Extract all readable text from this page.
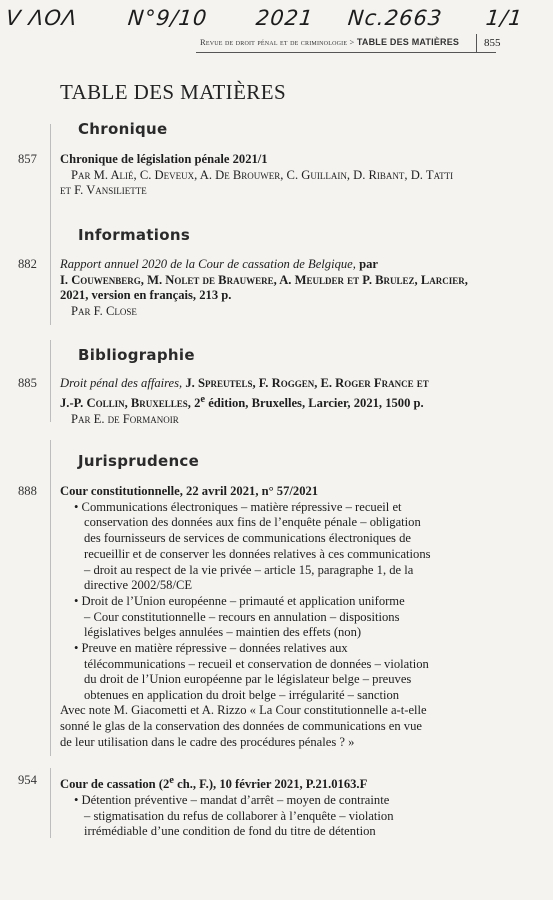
V ɅOɅ N°9/10 2021 Nc.2663 1/1
Revue de droit pénal et de criminologie > TABLE DES MATIÈRES 855
TABLE DES MATIÈRES
Chronique
857 Chronique de législation pénale 2021/1
Par M. Alié, C. Deveux, A. De Brouwer, C. Guillain, D. Ribant, D. Tatti
et F. Vansiliette
Informations
882 Rapport annuel 2020 de la Cour de cassation de Belgique, par
I. Couwenberg, M. Nolet de Brauwere, A. Meulder et P. Brulez, Larcier,
2021, version en français, 213 p.
Par F. Close
Bibliographie
885 Droit pénal des affaires, J. Spreutels, F. Roggen, E. Roger France et
J.-P. Collin, Bruxelles, 2e édition, Bruxelles, Larcier, 2021, 1500 p.
Par E. de Formanoir
Jurisprudence
888 Cour constitutionnelle, 22 avril 2021, n° 57/2021
• Communications électroniques – matière répressive – recueil et
conservation des données aux fins de l’enquête pénale – obligation
des fournisseurs de services de communications électroniques de
recueillir et de conserver les données relatives à ces communications
– droit au respect de la vie privée – article 15, paragraphe 1, de la
directive 2002/58/CE
• Droit de l’Union européenne – primauté et application uniforme
– Cour constitutionnelle – recours en annulation – dispositions
législatives belges annulées – maintien des effets (non)
• Preuve en matière répressive – données relatives aux
télécommunications – recueil et conservation de données – violation
du droit de l’Union européenne par le législateur belge – preuves
obtenues en application du droit belge – irrégularité – sanction
Avec note M. Giacometti et A. Rizzo « La Cour constitutionnelle a-t-elle
sonné le glas de la conservation des données de communications en vue
de leur utilisation dans le cadre des procédures pénales ? »
954 Cour de cassation (2e ch., F.), 10 février 2021, P.21.0163.F
• Détention préventive – mandat d’arrêt – moyen de contrainte
– stigmatisation du refus de collaborer à l’enquête – violation
irrémédiable d’une condition de fond du titre de détention
